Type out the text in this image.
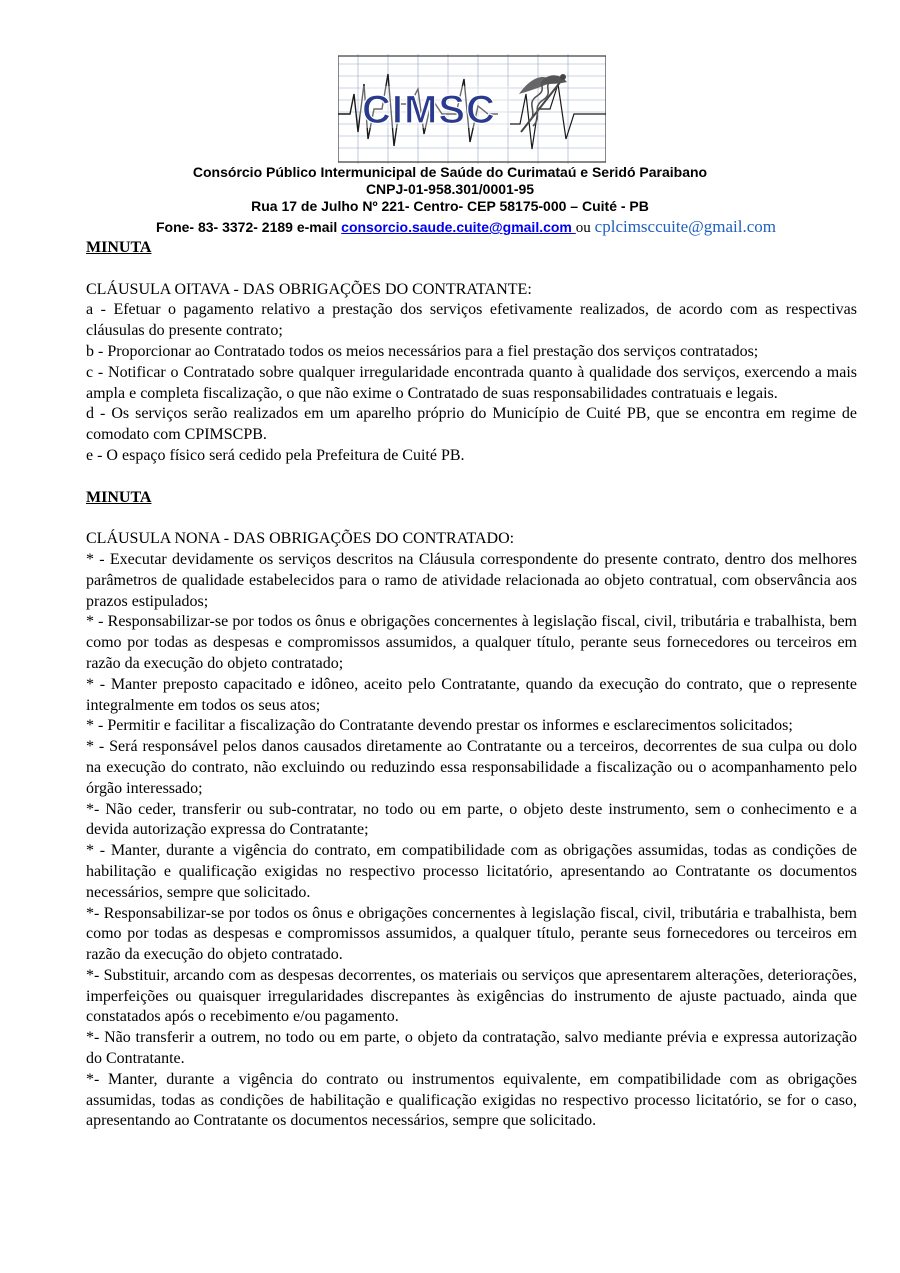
CIMSC
Consórcio Público Intermunicipal de Saúde do Curimataú e Seridó Paraibano
CNPJ-01-958.301/0001-95
Rua 17 de Julho Nº 221- Centro- CEP 58175-000 – Cuité - PB
Fone- 83- 3372- 2189 e-mail consorcio.saude.cuite@gmail.com ou cplcimsccuite@gmail.com

MINUTA

CLÁUSULA OITAVA - DAS OBRIGAÇÕES DO CONTRATANTE:

a - Efetuar o pagamento relativo a prestação dos serviços efetivamente realizados, de acordo com as respectivas cláusulas do presente contrato;

b - Proporcionar ao Contratado todos os meios necessários para a fiel prestação dos serviços contratados;

c - Notificar o Contratado sobre qualquer irregularidade encontrada quanto à qualidade dos serviços, exercendo a mais ampla e completa fiscalização, o que não exime o Contratado de suas responsabilidades contratuais e legais.

d - Os serviços serão realizados em um aparelho próprio do Município de Cuité PB, que se encontra em regime de comodato com CPIMSCPB.

e - O espaço físico será cedido pela Prefeitura de Cuité PB.

MINUTA

CLÁUSULA NONA - DAS OBRIGAÇÕES DO CONTRATADO:

* - Executar devidamente os serviços descritos na Cláusula correspondente do presente contrato, dentro dos melhores parâmetros de qualidade estabelecidos para o ramo de atividade relacionada ao objeto contratual, com observância aos prazos estipulados;

* - Responsabilizar-se por todos os ônus e obrigações concernentes à legislação fiscal, civil, tributária e trabalhista, bem como por todas as despesas e compromissos assumidos, a qualquer título, perante seus fornecedores ou terceiros em razão da execução do objeto contratado;

* - Manter preposto capacitado e idôneo, aceito pelo Contratante, quando da execução do contrato, que o represente integralmente em todos os seus atos;

* - Permitir e facilitar a fiscalização do Contratante devendo prestar os informes e esclarecimentos solicitados;

* - Será responsável pelos danos causados diretamente ao Contratante ou a terceiros, decorrentes de sua culpa ou dolo na execução do contrato, não excluindo ou reduzindo essa responsabilidade a fiscalização ou o acompanhamento pelo órgão interessado;

*- Não ceder, transferir ou sub-contratar, no todo ou em parte, o objeto deste instrumento, sem o conhecimento e a devida autorização expressa do Contratante;

* - Manter, durante a vigência do contrato, em compatibilidade com as obrigações assumidas, todas as condições de habilitação e qualificação exigidas no respectivo processo licitatório, apresentando ao Contratante os documentos necessários, sempre que solicitado.

*- Responsabilizar-se por todos os ônus e obrigações concernentes à legislação fiscal, civil, tributária e trabalhista, bem como por todas as despesas e compromissos assumidos, a qualquer título, perante seus fornecedores ou terceiros em razão da execução do objeto contratado.

*- Substituir, arcando com as despesas decorrentes, os materiais ou serviços que apresentarem alterações, deteriorações, imperfeições ou quaisquer irregularidades discrepantes às exigências do instrumento de ajuste pactuado, ainda que constatados após o recebimento e/ou pagamento.

*- Não transferir a outrem, no todo ou em parte, o objeto da contratação, salvo mediante prévia e expressa autorização do Contratante.

*- Manter, durante a vigência do contrato ou instrumentos equivalente, em compatibilidade com as obrigações assumidas, todas as condições de habilitação e qualificação exigidas no respectivo processo licitatório, se for o caso, apresentando ao Contratante os documentos necessários, sempre que solicitado.
